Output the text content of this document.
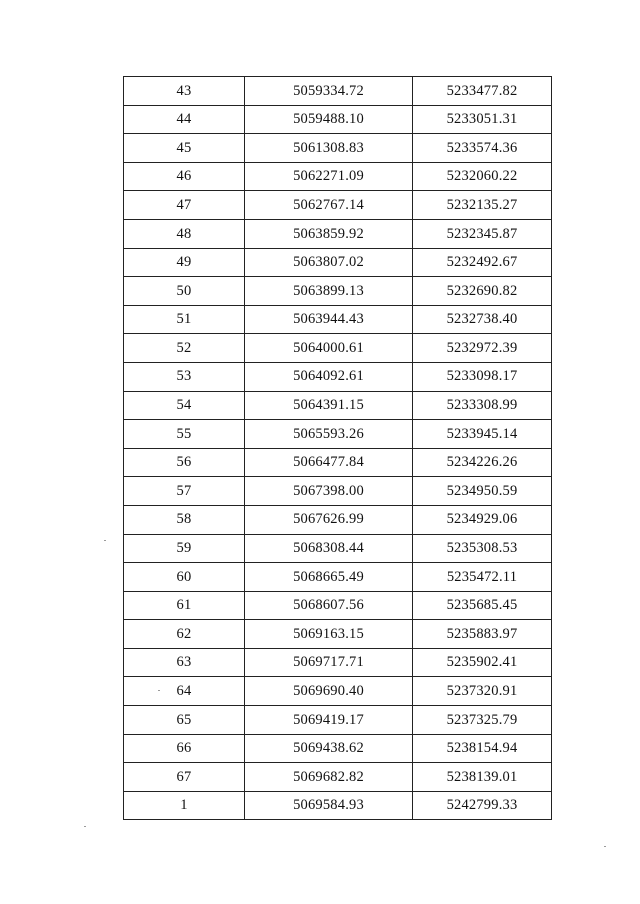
43	5059334.72	5233477.82
44	5059488.10	5233051.31
45	5061308.83	5233574.36
46	5062271.09	5232060.22
47	5062767.14	5232135.27
48	5063859.92	5232345.87
49	5063807.02	5232492.67
50	5063899.13	5232690.82
51	5063944.43	5232738.40
52	5064000.61	5232972.39
53	5064092.61	5233098.17
54	5064391.15	5233308.99
55	5065593.26	5233945.14
56	5066477.84	5234226.26
57	5067398.00	5234950.59
58	5067626.99	5234929.06
59	5068308.44	5235308.53
60	5068665.49	5235472.11
61	5068607.56	5235685.45
62	5069163.15	5235883.97
63	5069717.71	5235902.41
64	5069690.40	5237320.91
65	5069419.17	5237325.79
66	5069438.62	5238154.94
67	5069682.82	5238139.01
1	5069584.93	5242799.33
